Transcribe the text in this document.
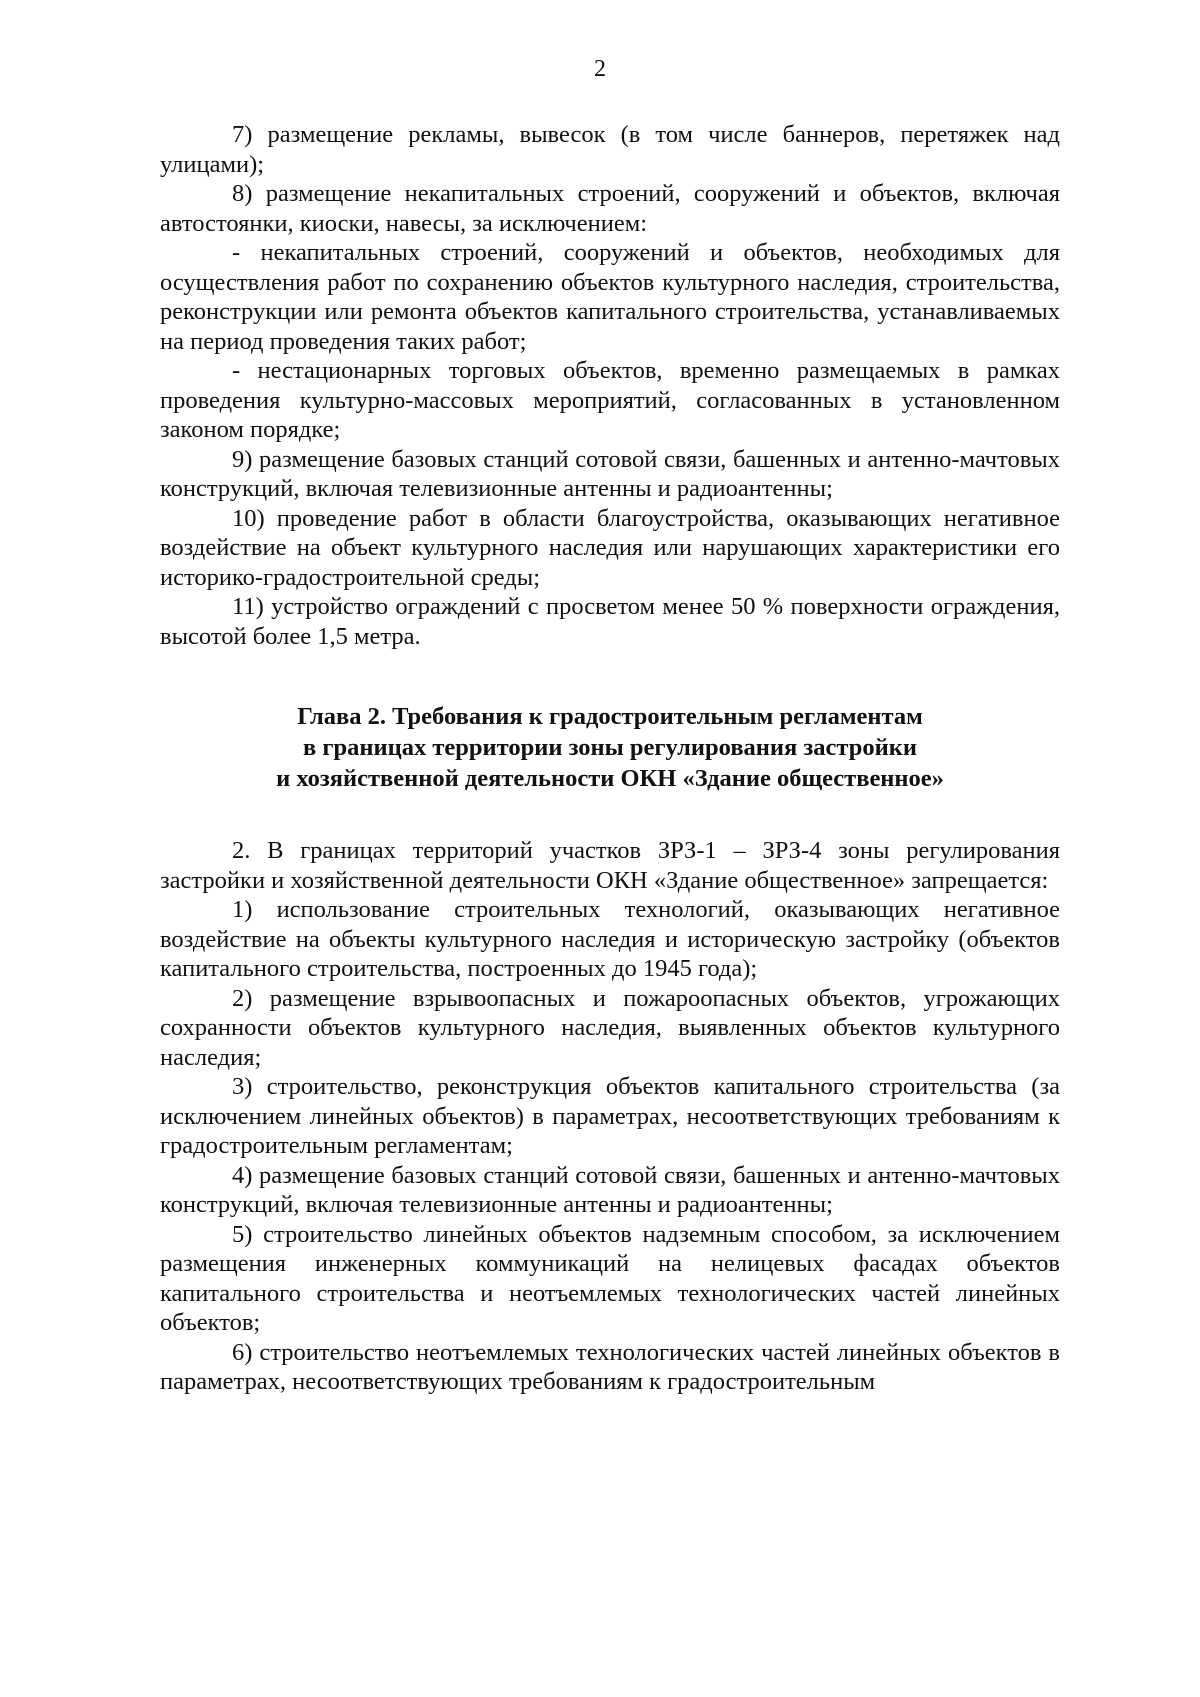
2

7) размещение рекламы, вывесок (в том числе баннеров, перетяжек над улицами);

8) размещение некапитальных строений, сооружений и объектов, включая автостоянки, киоски, навесы, за исключением:

- некапитальных строений, сооружений и объектов, необходимых для осуществления работ по сохранению объектов культурного наследия, строительства, реконструкции или ремонта объектов капитального строительства, устанавливаемых на период проведения таких работ;

- нестационарных торговых объектов, временно размещаемых в рамках проведения культурно-массовых мероприятий, согласованных в установленном законом порядке;

9) размещение базовых станций сотовой связи, башенных и антенно-мачтовых конструкций, включая телевизионные антенны и радиоантенны;

10) проведение работ в области благоустройства, оказывающих негативное воздействие на объект культурного наследия или нарушающих характеристики его историко-градостроительной среды;

11) устройство ограждений с просветом менее 50 % поверхности ограждения, высотой более 1,5 метра.

Глава 2. Требования к градостроительным регламентам
в границах территории зоны регулирования застройки
и хозяйственной деятельности ОКН «Здание общественное»

2. В границах территорий участков ЗРЗ-1 – ЗРЗ-4 зоны регулирования застройки и хозяйственной деятельности ОКН «Здание общественное» запрещается:

1) использование строительных технологий, оказывающих негативное воздействие на объекты культурного наследия и историческую застройку (объектов капитального строительства, построенных до 1945 года);

2) размещение взрывоопасных и пожароопасных объектов, угрожающих сохранности объектов культурного наследия, выявленных объектов культурного наследия;

3) строительство, реконструкция объектов капитального строительства (за исключением линейных объектов) в параметрах, несоответствующих требованиям к градостроительным регламентам;

4) размещение базовых станций сотовой связи, башенных и антенно-мачтовых конструкций, включая телевизионные антенны и радиоантенны;

5) строительство линейных объектов надземным способом, за исключением размещения инженерных коммуникаций на нелицевых фасадах объектов капитального строительства и неотъемлемых технологических частей линейных объектов;

6) строительство неотъемлемых технологических частей линейных объектов в параметрах, несоответствующих требованиям к градостроительным
